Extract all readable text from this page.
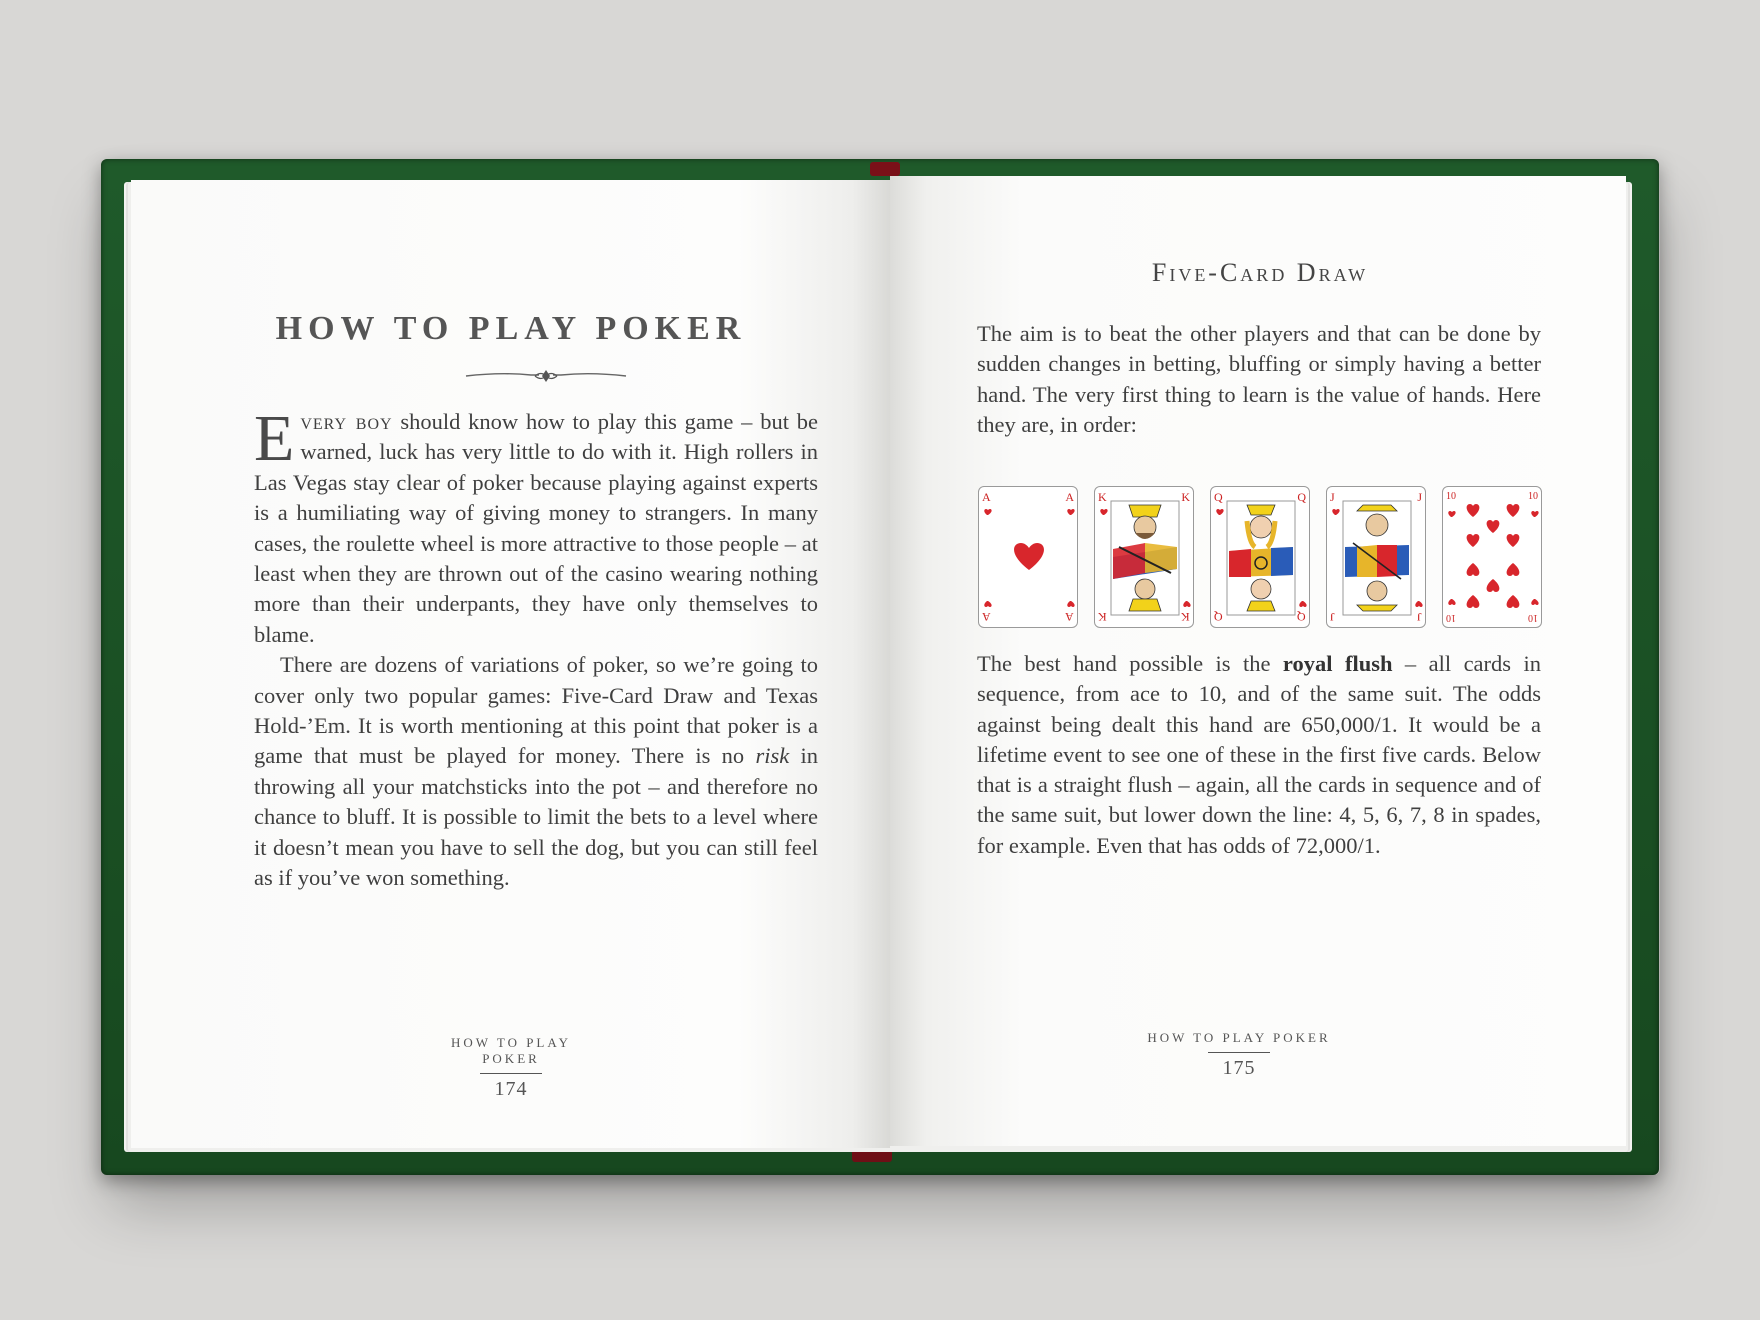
HOW TO PLAY POKER

Every boy should know how to play this game – but be warned, luck has very little to do with it. High rollers in Las Vegas stay clear of poker because playing against experts is a humiliating way of giving money to strangers. In many cases, the roulette wheel is more attractive to those people – at least when they are thrown out of the casino wearing nothing more than their underpants, they have only themselves to blame.

There are dozens of variations of poker, so we’re going to cover only two popular games: Five-Card Draw and Texas Hold-’Em. It is worth mentioning at this point that poker is a game that must be played for money. There is no risk in throwing all your matchsticks into the pot – and therefore no chance to bluff. It is possible to limit the bets to a level where it doesn’t mean you have to sell the dog, but you can still feel as if you’ve won something.

HOW TO PLAY POKER
174
Five-Card Draw

The aim is to beat the other players and that can be done by sudden changes in betting, bluffing or simply having a better hand. The very first thing to learn is the value of hands. Here they are, in order:

A	A
A	A
K	K
K	K
Q	Q
Q	Q
J	J
J	J
10	10
10	10

The best hand possible is the royal flush – all cards in sequence, from ace to 10, and of the same suit. The odds against being dealt this hand are 650,000/1. It would be a lifetime event to see one of these in the first five cards. Below that is a straight flush – again, all the cards in sequence and of the same suit, but lower down the line: 4, 5, 6, 7, 8 in spades, for example. Even that has odds of 72,000/1.

HOW TO PLAY POKER
175
